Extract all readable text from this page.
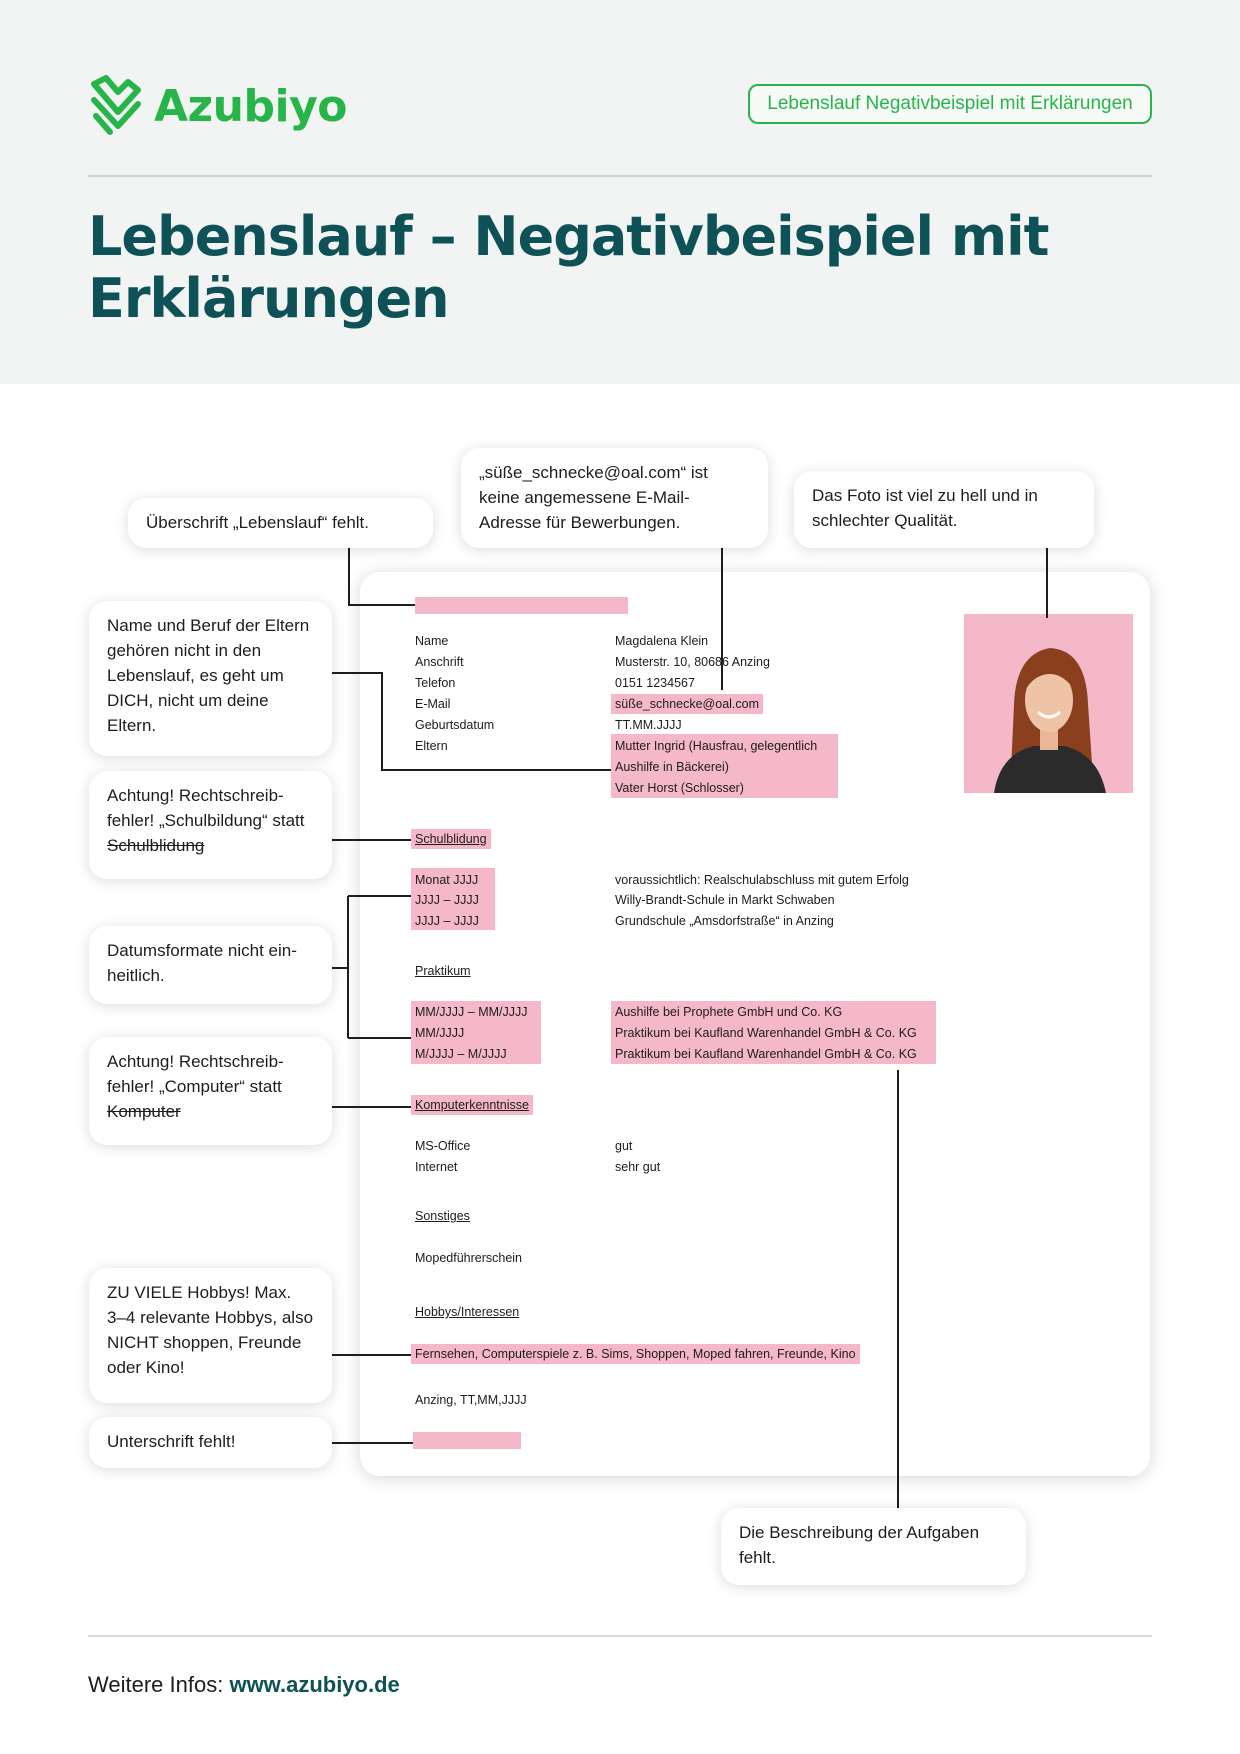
Azubiyo	Lebenslauf Negativbeispiel mit Erklärungen
Lebenslauf – Negativbeispiel mit Erklärungen
Name	Magdalena Klein
Anschrift	Musterstr. 10, 80686 Anzing
Telefon	0151 1234567
E-Mail	süße_schnecke@oal.com
Geburtsdatum	TT.MM.JJJJ
Eltern	Mutter Ingrid (Hausfrau, gelegentlich
Aushilfe in Bäckerei)
Vater Horst (Schlosser)
Schulblidung
Monat JJJJ	voraussichtlich: Realschulabschluss mit gutem Erfolg
JJJJ – JJJJ	Willy-Brandt-Schule in Markt Schwaben
JJJJ – JJJJ	Grundschule „Amsdorfstraße“ in Anzing
Praktikum
MM/JJJJ – MM/JJJJ	Aushilfe bei Prophete GmbH und Co. KG
MM/JJJJ	Praktikum bei Kaufland Warenhandel GmbH & Co. KG
M/JJJJ – M/JJJJ	Praktikum bei Kaufland Warenhandel GmbH & Co. KG
Komputerkenntnisse
MS-Office	gut
Internet	sehr gut
Sonstiges
Mopedführerschein
Hobbys/Interessen
Fernsehen, Computerspiele z. B. Sims, Shoppen, Moped fahren, Freunde, Kino
Anzing, TT,MM,JJJJ
Überschrift „Lebenslauf“ fehlt.
„süße_schnecke@oal.com“ ist keine angemessene E-Mail-Adresse für Bewerbungen.
Das Foto ist viel zu hell und in schlechter Qualität.
Name und Beruf der Eltern gehören nicht in den Lebenslauf, es geht um DICH, nicht um deine Eltern.
Achtung! Rechtschreib-fehler! „Schulbildung“ statt Schulblidung
Datumsformate nicht ein-heitlich.
Achtung! Rechtschreib-fehler! „Computer“ statt Komputer
ZU VIELE Hobbys! Max. 3–4 relevante Hobbys, also NICHT shoppen, Freunde oder Kino!
Unterschrift fehlt!
Die Beschreibung der Aufgaben fehlt.
Weitere Infos: www.azubiyo.de
